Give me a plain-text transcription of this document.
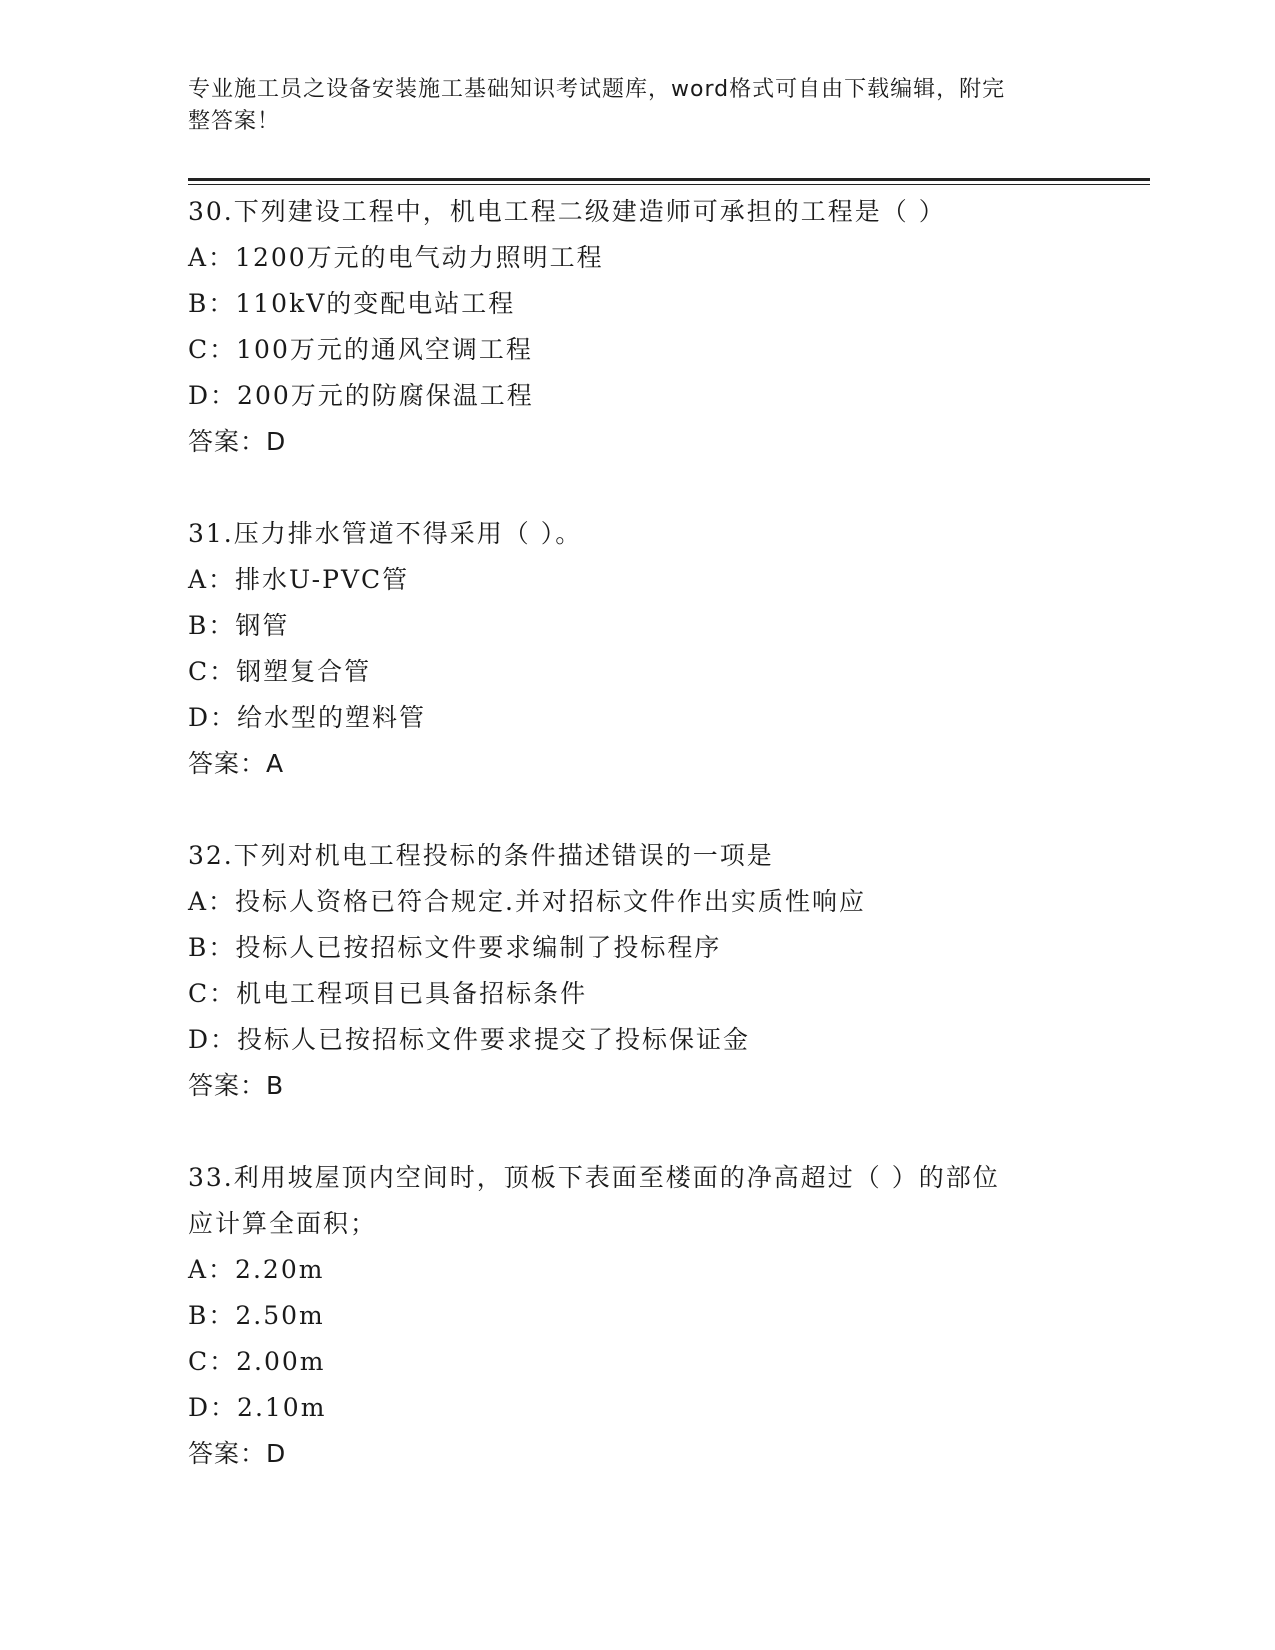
专业施工员之设备安装施工基础知识考试题库，word格式可自由下载编辑，附完
整答案！
30.下列建设工程中，机电工程二级建造师可承担的工程是（ ）
A：1200万元的电气动力照明工程
B：110kV的变配电站工程
C：100万元的通风空调工程
D：200万元的防腐保温工程
答案：D
31.压力排水管道不得采用（ ）。
A：排水U-PVC管
B：钢管
C：钢塑复合管
D：给水型的塑料管
答案：A
32.下列对机电工程投标的条件描述错误的一项是
A：投标人资格已符合规定.并对招标文件作出实质性响应
B：投标人已按招标文件要求编制了投标程序
C：机电工程项目已具备招标条件
D：投标人已按招标文件要求提交了投标保证金
答案：B
33.利用坡屋顶内空间时，顶板下表面至楼面的净高超过（ ）的部位
应计算全面积；
A：2.20m
B：2.50m
C：2.00m
D：2.10m
答案：D
